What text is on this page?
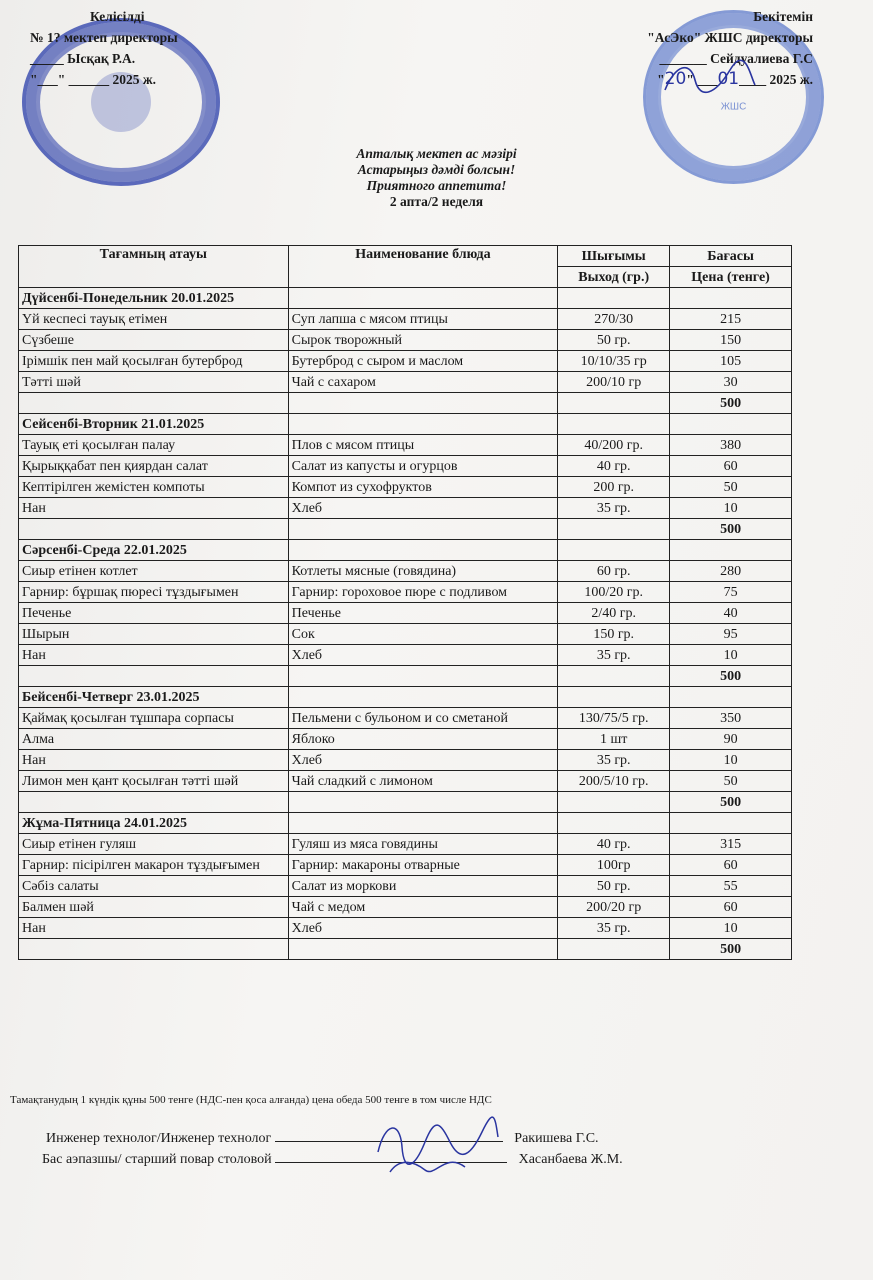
ЖШС
Келісілді
№ 1? мектеп директоры
_____ Ысқақ Р.А.
"___" ______ 2025 ж.
Бекітемін
"АсЭко" ЖШС директоры
_______ Сейдуалиева Г.С
"20" ___01____ 2025 ж.
Апталық мектеп ас мәзірі
Астарыңыз дәмді болсын!
Приятного аппетита!
2 апта/2 неделя
Тағамның атауы	Наименование блюда	Шығымы	Бағасы
		Выход (гр.)	Цена (тенге)
Дүйсенбі-Понедельник 20.01.2025			
Үй кеспесі тауық етімен	Суп лапша с мясом птицы	270/30	215
Сүзбеше	Сырок творожный	50 гр.	150
Ірімшік пен май қосылған бутерброд	Бутерброд с сыром и маслом	10/10/35 гр	105
Тәтті шәй	Чай с сахаром	200/10 гр	30
			500
Сейсенбі-Вторник 21.01.2025			
Тауық еті қосылған палау	Плов с мясом птицы	40/200 гр.	380
Қырыққабат пен қиярдан салат	Салат из капусты и огурцов	40 гр.	60
Кептірілген жемістен компоты	Компот из сухофруктов	200 гр.	50
Нан	Хлеб	35 гр.	10
			500
Сәрсенбі-Среда 22.01.2025			
Сиыр етінен котлет	Котлеты мясные (говядина)	60 гр.	280
Гарнир: бұршақ пюресі тұздығымен	Гарнир: гороховое пюре с подливом	100/20 гр.	75
Печенье	Печенье	2/40 гр.	40
Шырын	Сок	150 гр.	95
Нан	Хлеб	35 гр.	10
			500
Бейсенбі-Четверг 23.01.2025			
Қаймақ қосылған тұшпара сорпасы	Пельмени с бульоном и со сметаной	130/75/5 гр.	350
Алма	Яблоко	1 шт	90
Нан	Хлеб	35 гр.	10
Лимон мен қант қосылған тәтті шәй	Чай сладкий с лимоном	200/5/10 гр.	50
			500
Жұма-Пятница 24.01.2025			
Сиыр етінен гуляш	Гуляш из мяса говядины	40 гр.	315
Гарнир: пісірілген макарон тұздығымен	Гарнир: макароны отварные	100гр	60
Сәбіз салаты	Салат из моркови	50 гр.	55
Балмен шәй	Чай с медом	200/20 гр	60
Нан	Хлеб	35 гр.	10
			500
Тамақтанудың 1 күндік құны 500 тенге (НДС-пен қоса алғанда) цена обеда 500 тенге в том числе НДС
Инженер технолог/Инженер технолог	Ракишева Г.С.
Бас аэпазшы/ старший повар столовой	Хасанбаева Ж.М.
